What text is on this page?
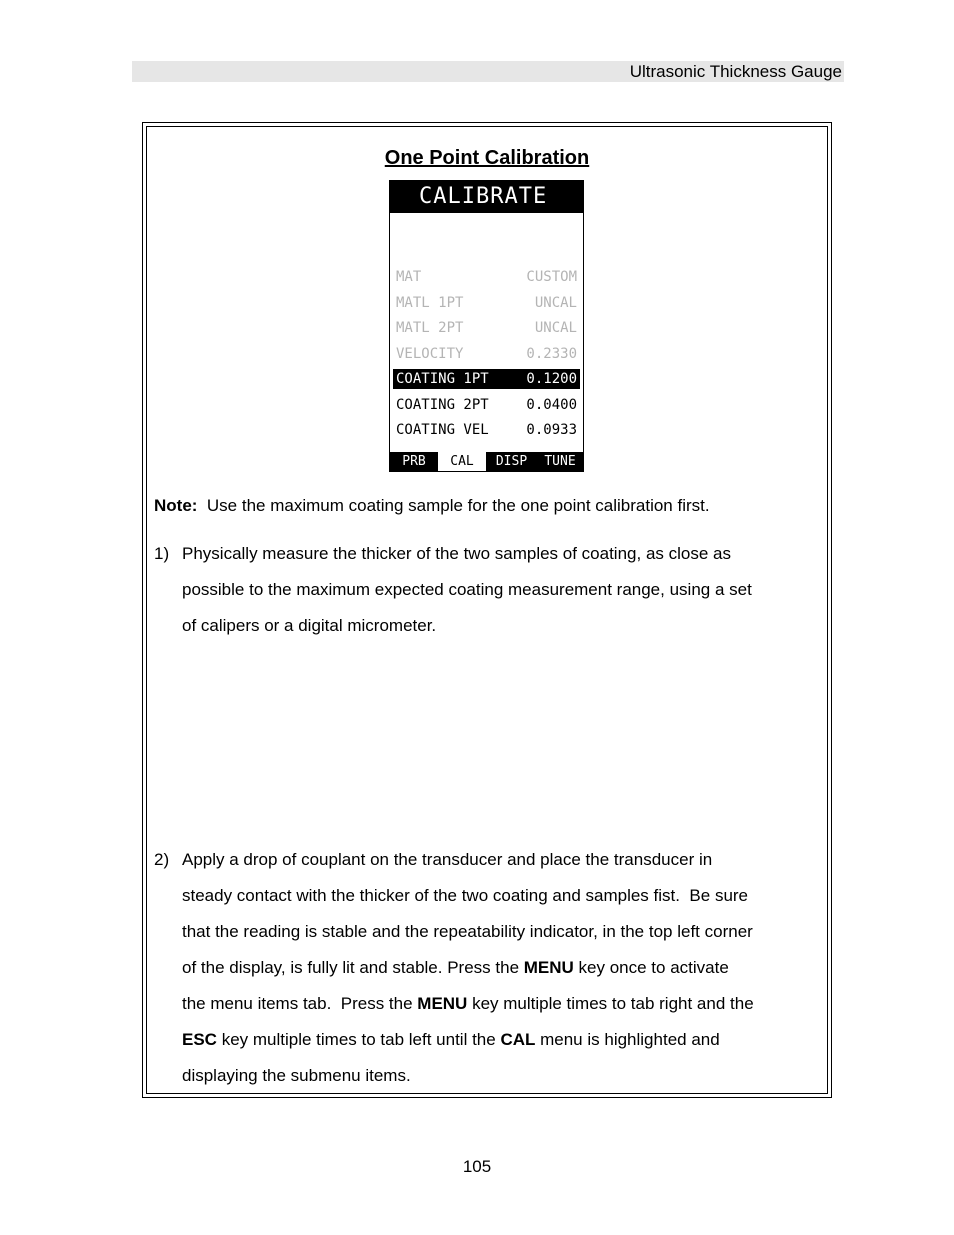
Ultrasonic Thickness Gauge
One Point Calibration
CALIBRATE
MAT	CUSTOM
MATL 1PT	UNCAL
MATL 2PT	UNCAL
VELOCITY	0.2330
COATING 1PT	0.1200
COATING 2PT	0.0400
COATING VEL	0.0933
PRB	CAL	DISP	TUNE
Note: Use the maximum coating sample for the one point calibration first.
1) Physically measure the thicker of the two samples of coating, as close as
possible to the maximum expected coating measurement range, using a set
of calipers or a digital micrometer.
2) Apply a drop of couplant on the transducer and place the transducer in
steady contact with the thicker of the two coating and samples fist.  Be sure
that the reading is stable and the repeatability indicator, in the top left corner
of the display, is fully lit and stable. Press the MENU key once to activate
the menu items tab.  Press the MENU key multiple times to tab right and the
ESC key multiple times to tab left until the CAL menu is highlighted and
displaying the submenu items.
105
